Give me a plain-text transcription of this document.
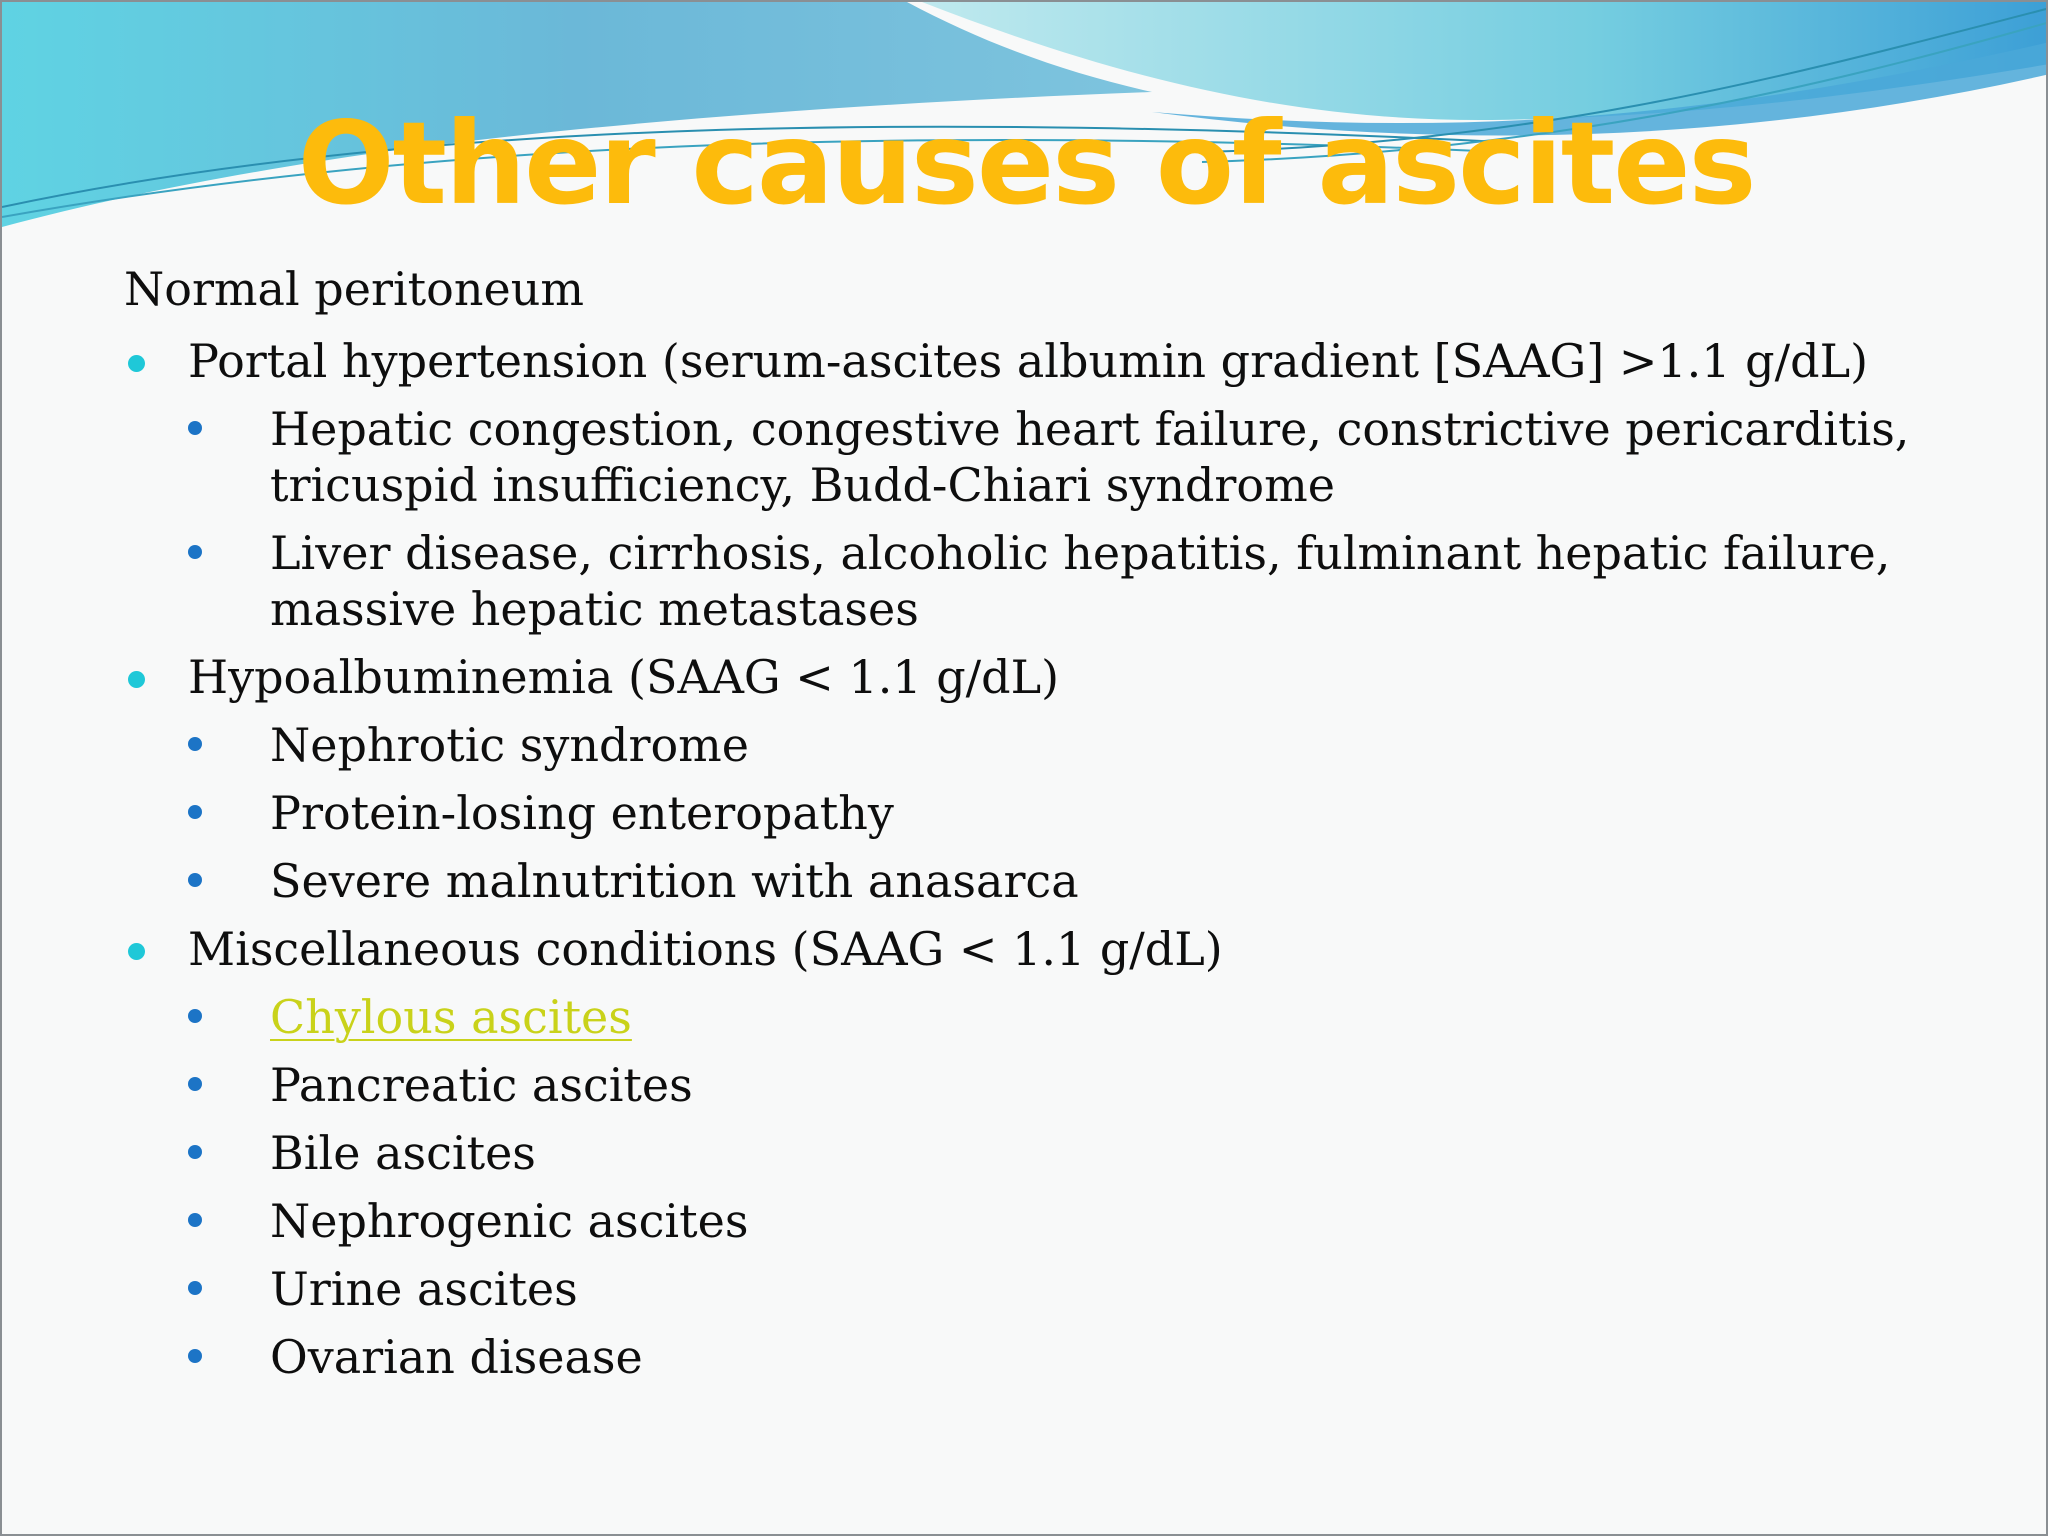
Other causes of ascites
Normal peritoneum
Portal hypertension (serum-ascites albumin gradient [SAAG] >1.1 g/dL)
Hepatic congestion, congestive heart failure, constrictive pericarditis,
tricuspid insufficiency, Budd-Chiari syndrome
Liver disease, cirrhosis, alcoholic hepatitis, fulminant hepatic failure,
massive hepatic metastases
Hypoalbuminemia (SAAG < 1.1 g/dL)
Nephrotic syndrome
Protein-losing enteropathy
Severe malnutrition with anasarca
Miscellaneous conditions (SAAG < 1.1 g/dL)
Chylous ascites
Pancreatic ascites
Bile ascites
Nephrogenic ascites
Urine ascites
Ovarian disease
